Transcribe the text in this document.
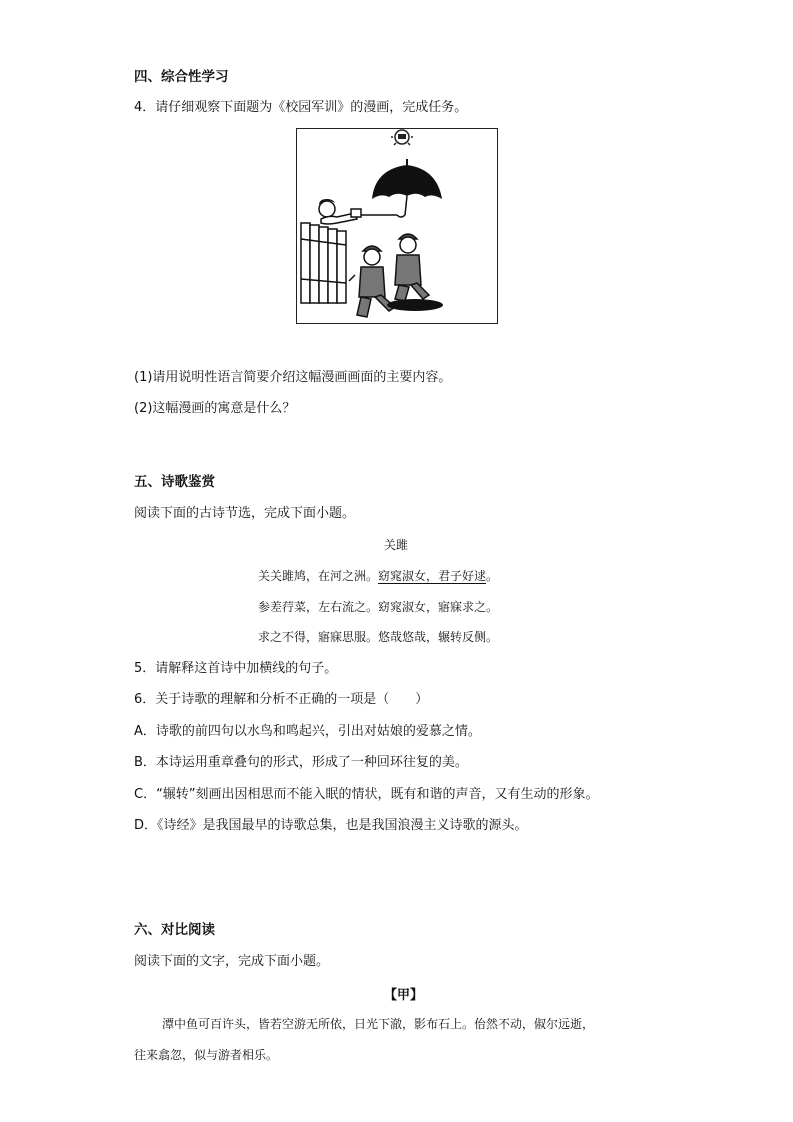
四、综合性学习
4．请仔细观察下面题为《校园军训》的漫画，完成任务。
(1)请用说明性语言简要介绍这幅漫画画面的主要内容。
(2)这幅漫画的寓意是什么？
五、诗歌鉴赏
阅读下面的古诗节选，完成下面小题。
关雎
关关雎鸠，在河之洲。窈窕淑女，君子好逑。
参差荇菜，左右流之。窈窕淑女，寤寐求之。
求之不得，寤寐思服。悠哉悠哉，辗转反侧。
5．请解释这首诗中加横线的句子。
6．关于诗歌的理解和分析不正确的一项是（　　）
A．诗歌的前四句以水鸟和鸣起兴，引出对姑娘的爱慕之情。
B．本诗运用重章叠句的形式，形成了一种回环往复的美。
C．“辗转”刻画出因相思而不能入眠的情状，既有和谐的声音，又有生动的形象。
D．《诗经》是我国最早的诗歌总集，也是我国浪漫主义诗歌的源头。
六、对比阅读
阅读下面的文字，完成下面小题。
【甲】
潭中鱼可百许头，皆若空游无所依，日光下澈，影布石上。佁然不动，俶尔远逝，
往来翕忽，似与游者相乐。
